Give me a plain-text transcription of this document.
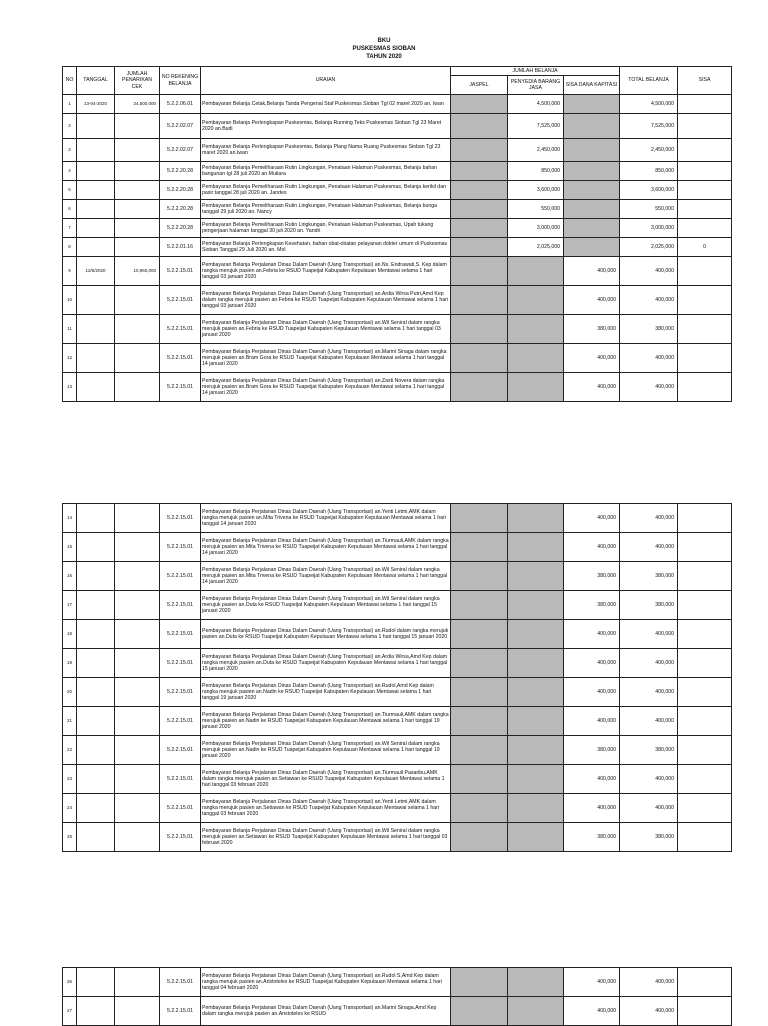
BKU
PUSKESMAS SIOBAN
TAHUN 2020
NO	TANGGAL	JUMLAH PENARIKAN CEK	NO REKENING BELANJA	URAIAN	JUMLAH BELANJA			TOTAL BELANJA	SISA
					JASPEL	PENYEDIA BARANG JASA	SISA DANA KAPITASI		
1	13-04-2020	24,500,000	5.2.2.06.01	Pembayaran Belanja Cetak,Belanja Tanda Pengenal Staf Puskesmas Sioban Tgl 02 maret 2020 an. Iwan		4,500,000		4,500,000	
2			5.2.2.02.07	Pembayaran Belanja Perlengkapan Puskesmas, Belanja Running Teks Puskesmas Sioban Tgl 23 Maret 2020 an.Budi		7,525,000		7,525,000	
3			5.2.2.02.07	Pembayaran Belanja Perlengkapan Puskesmas, Belanja Plang Nama Ruang Puskesmas Sioban Tgl 23 maret 2020 an.Iwan		2,450,000		2,450,000	
4			5.2.2.20.28	Pembayaran Belanja Pemeliharaan Rutin Lingkungan, Penataan Halaman Puskesmas, Belanja bahan bangunan tgl 28 juli 2020 an.Mutiara		850,000		850,000	
5			5.2.2.20.28	Pembayaran Belanja Pemeliharaan Rutin Lingkungan, Penataan Halaman Puskesmas, Belanja kerikil dan pasir tanggal 28 juli 2020 an. Jandes		3,600,000		3,600,000	
6			5.2.2.20.28	Pembayaran Belanja Pemeliharaan Rutin Lingkungan, Penataan Halaman Puskesmas, Belanja bunga tanggal 29 juli 2020 an. Nancy		550,000		550,000	
7			5.2.2.20.28	Pembayaran Belanja Pemeliharaan Rutin Lingkungan, Penataan Halaman Puskesmas, Upah tukang pengerjaan halaman tanggal 30 juli 2020 an. Yandri		3,000,000		3,000,000	
8			5.2.2.01.16	Pembayaran Belanja Perlengkapan Kesehatan, bahan obat-obatan pelayanan dokter umum di Puskesmas Sioban Tanggal 29 Juli 2020 an. Mol		2,025,000		2,025,000	0
9	12/5/2020	10,960,000	5.2.2.15.01	Pembayaran Belanja Perjalanan Dinas Dalam Daerah (Uang Transportasi) an.Ns. Endrawati,S. Kep dalam rangka merujuk pasien an.Febria ke RSUD Tuapeijat Kabupaten Kepulauan Mentawai selama 1 hari tanggal 03 januari 2020			400,000	400,000	
10			5.2.2.15.01	Pembayaran Belanja Perjalanan Dinas Dalam Daerah (Uang Transportasi) an.Ardia Wirsa Putri,Amd Kep dalam rangka merujuk pasien an.Febria ke RSUD Tuapeijat Kabupaten Kepulauan Mentawai selama 1 hari tanggal 03 januari 2020			400,000	400,000	
11			5.2.2.15.01	Pembayaran Belanja Perjalanan Dinas Dalam Daerah (Uang Transportasi) an.Wil Seniral dalam rangka merujuk pasien an.Febria ke RSUD Tuapeijat Kabupaten Kepulauan Mentawai selama 1 hari tanggal 03 januari 2020			380,000	380,000	
12			5.2.2.15.01	Pembayaran Belanja Perjalanan Dinas Dalam Daerah (Uang Transportasi) an.Marini Sinaga dalam rangka merujuk pasien an.Bram Gora ke RSUD Tuapeijat Kabupaten Kepulauan Mentawai selama 1 hari tanggal 14 januari 2020			400,000	400,000	
13			5.2.2.15.01	Pembayaran Belanja Perjalanan Dinas Dalam Daerah (Uang Transportasi) an.Zasti Novera dalam rangka merujuk pasien an.Bram Gora ke RSUD Tuapeijat Kabupaten Kepulauan Mentawai selama 1 hari tanggal 14 januari 2020			400,000	400,000	
14			5.2.2.15.01	Pembayaran Belanja Perjalanan Dinas Dalam Daerah (Uang Transportasi) an.Yenti Letmi,AMK dalam rangka merujuk pasien an.Mita Trivena ke RSUD Tuapeijat Kabupaten Kepulauan Mentawai selama 1 hari tanggal 14 januari 2020			400,000	400,000	
15			5.2.2.15.01	Pembayaran Belanja Perjalanan Dinas Dalam Daerah (Uang Transportasi) an.Tiurmauli,AMK dalam rangka merujuk pasien an.Mita Trivena ke RSUD Tuapeijat Kabupaten Kepulauan Mentawai selama 1 hari tanggal 14 januari 2020			400,000	400,000	
16			5.2.2.15.01	Pembayaran Belanja Perjalanan Dinas Dalam Daerah (Uang Transportasi) an.Wil Seniral dalam rangka merujuk pasien an.Mita Trivena ke RSUD Tuapeijat Kabupaten Kepulauan Mentawai selama 1 hari tanggal 14 januari 2020			380,000	380,000	
17			5.2.2.15.01	Pembayaran Belanja Perjalanan Dinas Dalam Daerah (Uang Transportasi) an.Wil Seniral dalam rangka merujuk pasien an.Duta ke RSUD Tuapeijat Kabupaten Kepulauan Mentawai selama 1 hari tanggal 15 januari 2020			380,000	380,000	
18			5.2.2.15.01	Pembayaran Belanja Perjalanan Dinas Dalam Daerah (Uang Transportasi) an.Rudol dalam rangka merujuk pasien an.Duta ke RSUD Tuapeijat Kabupaten Kepulauan Mentawai selama 1 hari tanggal 15 januari 2020			400,000	400,000	
19			5.2.2.15.01	Pembayaran Belanja Perjalanan Dinas Dalam Daerah (Uang Transportasi) an.Ardia Wirsa,Amd Kep dalam rangka merujuk pasien an.Duta ke RSUD Tuapeijat Kabupaten Kepulauan Mentawai selama 1 hari tanggal 15 januari 2020			400,000	400,000	
20			5.2.2.15.01	Pembayaran Belanja Perjalanan Dinas Dalam Daerah (Uang Transportasi) an.Rudol,Amd Kep dalam rangka merujuk pasien an.Nadin ke RSUD Tuapeijat Kabupaten Kepulauan Mentawai selama 1 hari tanggal 19 januari 2020			400,000	400,000	
21			5.2.2.15.01	Pembayaran Belanja Perjalanan Dinas Dalam Daerah (Uang Transportasi) an.Tiurmauli,AMK dalam rangka merujuk pasien an.Nadin ke RSUD Tuapeijat Kabupaten Kepulauan Mentawai selama 1 hari tanggal 19 januari 2020			400,000	400,000	
22			5.2.2.15.01	Pembayaran Belanja Perjalanan Dinas Dalam Daerah (Uang Transportasi) an.Wil Seniral dalam rangka merujuk pasien an.Nadin ke RSUD Tuapeijat Kabupaten Kepulauan Mentawai selama 1 hari tanggal 19 januari 2020			380,000	380,000	
23			5.2.2.15.01	Pembayaran Belanja Perjalanan Dinas Dalam Daerah (Uang Transportasi) an.Tiurmauli Pasaribu,AMK dalam rangka merujuk pasien an.Setiawan ke RSUD Tuapeijat Kabupaten Kepulauan Mentawai selama 1 hari tanggal 03 februari 2020			400,000	400,000	
24			5.2.2.15.01	Pembayaran Belanja Perjalanan Dinas Dalam Daerah (Uang Transportasi) an.Yenti Letmi,AMK dalam rangka merujuk pasien an.Setiawan ke RSUD Tuapeijat Kabupaten Kepulauan Mentawai selama 1 hari tanggal 03 februari 2020			400,000	400,000	
25			5.2.2.15.01	Pembayaran Belanja Perjalanan Dinas Dalam Daerah (Uang Transportasi) an.Wil Seniral dalam rangka merujuk pasien an.Setiawan ke RSUD Tuapeijat Kabupaten Kepulauan Mentawai selama 1 hari tanggal 03 februari 2020			380,000	380,000	
26			5.2.2.15.01	Pembayaran Belanja Perjalanan Dinas Dalam Daerah (Uang Transportasi) an.Rudol S,Amd Kep dalam rangka merujuk pasien an.Aristoteles ke RSUD Tuapeijat Kabupaten Kepulauan Mentawai selama 1 hari tanggal 04 februari 2020			400,000	400,000	
27			5.2.2.15.01	Pembayaran Belanja Perjalanan Dinas Dalam Daerah (Uang Transportasi) an.Marini Sinaga,Amd Kep dalam rangka merujuk pasien an.Aristoteles ke RSUD			400,000	400,000	
